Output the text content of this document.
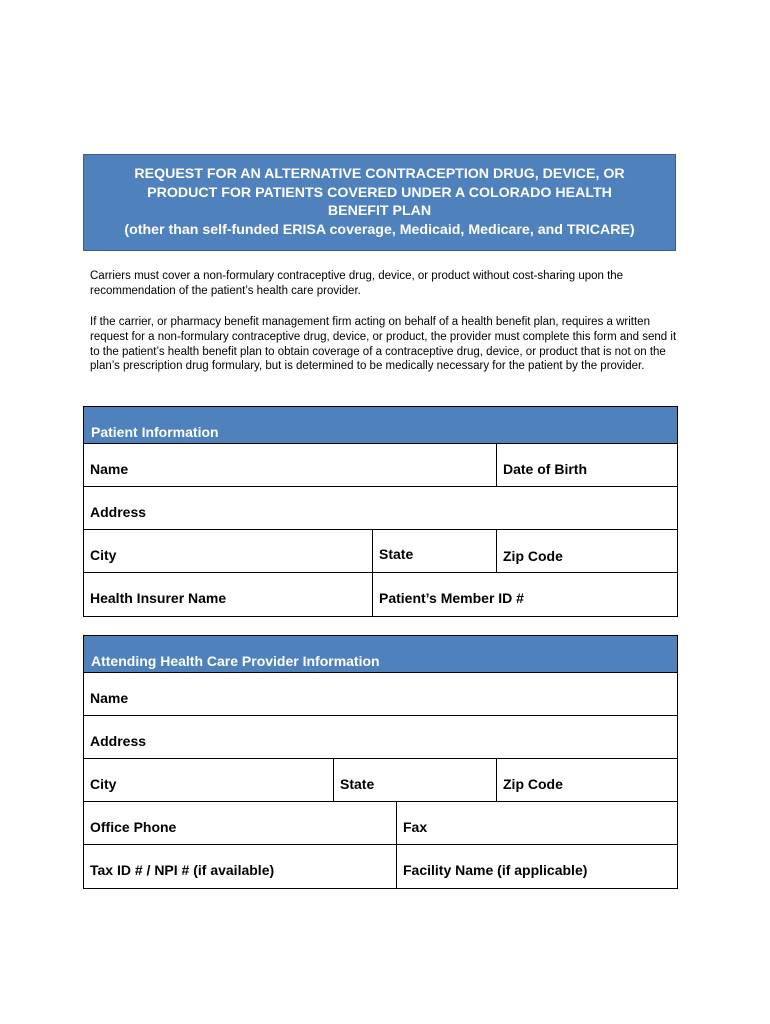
REQUEST FOR AN ALTERNATIVE CONTRACEPTION DRUG, DEVICE, OR
PRODUCT FOR PATIENTS COVERED UNDER A COLORADO HEALTH
BENEFIT PLAN
(other than self-funded ERISA coverage, Medicaid, Medicare, and TRICARE)
Carriers must cover a non-formulary contraceptive drug, device, or product without cost-sharing upon the recommendation of the patient’s health care provider.
If the carrier, or pharmacy benefit management firm acting on behalf of a health benefit plan, requires a written request for a non-formulary contraceptive drug, device, or product, the provider must complete this form and send it to the patient’s health benefit plan to obtain coverage of a contraceptive drug, device, or product that is not on the plan’s prescription drug formulary, but is determined to be medically necessary for the patient by the provider.
Patient Information
Name	Date of Birth
Address
City	State	Zip Code
Health Insurer Name	Patient’s Member ID #
Attending Health Care Provider Information
Name
Address
City	State	Zip Code
Office Phone	Fax
Tax ID # / NPI # (if available)	Facility Name (if applicable)
